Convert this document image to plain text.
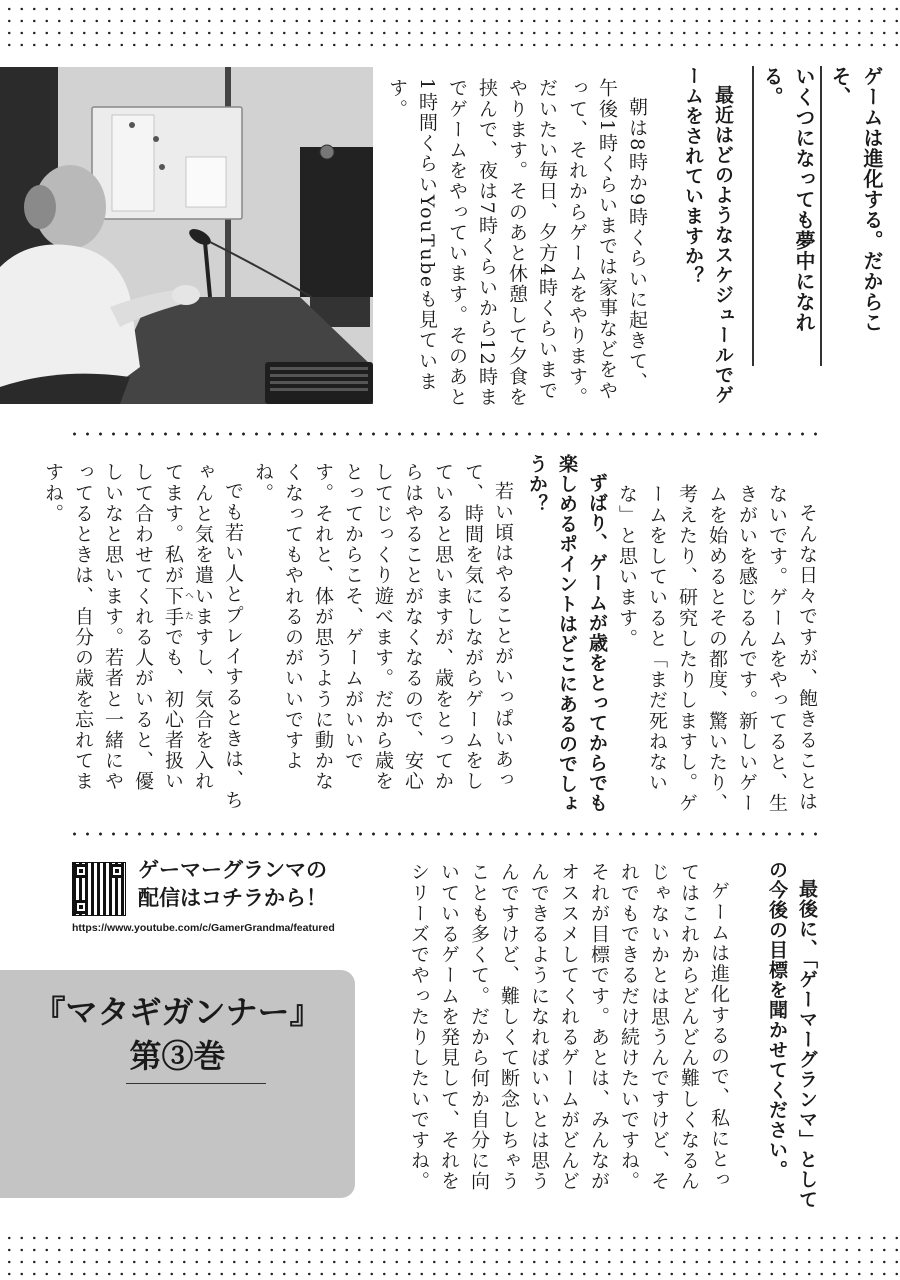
ゲームは進化する。だからこそ、
いくつになっても夢中になれる。

最近はどのようなスケジュールでゲームをされていますか？

朝は8時か9時くらいに起きて、午後1時くらいまでは家事などをやって、それからゲームをやります。だいたい毎日、夕方4時くらいまでやります。そのあと休憩して夕食を挟んで、夜は7時くらいから12時までゲームをやっています。そのあと1時間くらいYouTubeも見ています。

そんな日々ですが、飽きることはないです。ゲームをやってると、生きがいを感じるんです。新しいゲームを始めるとその都度、驚いたり、考えたり、研究したりしますし。ゲームをしていると「まだ死ねないな」と思います。

ずばり、ゲームが歳をとってからでも楽しめるポイントはどこにあるのでしょうか？

若い頃はやることがいっぱいあって、時間を気にしながらゲームをしていると思いますが、歳をとってからはやることがなくなるので、安心してじっくり遊べます。だから歳をとってからこそ、ゲームがいいです。それと、体が思うように動かなくなってもやれるのがいいですよね。

でも若い人とプレイするときは、ちゃんと気を遣いますし、気合を入れてます。私が下手 へたでも、初心者扱いして合わせてくれる人がいると、優しいなと思います。若者と一緒にやってるときは、自分の歳を忘れてますね。

最後に、「ゲーマーグランマ」としての今後の目標を聞かせてください。

ゲームは進化するので、私にとってはこれからどんどん難しくなるんじゃないかとは思うんですけど、それでもできるだけ続けたいですね。それが目標です。あとは、みんながオススメしてくれるゲームがどんどんできるようになればいいとは思うんですけど、難しくて断念しちゃうことも多くて。だから何か自分に向いているゲームを発見して、それをシリーズでやったりしたいですね。

ゲーマーグランマの
配信はコチラから！
https://www.youtube.com/c/GamerGrandma/featured
『マタギガンナー』
第③巻
